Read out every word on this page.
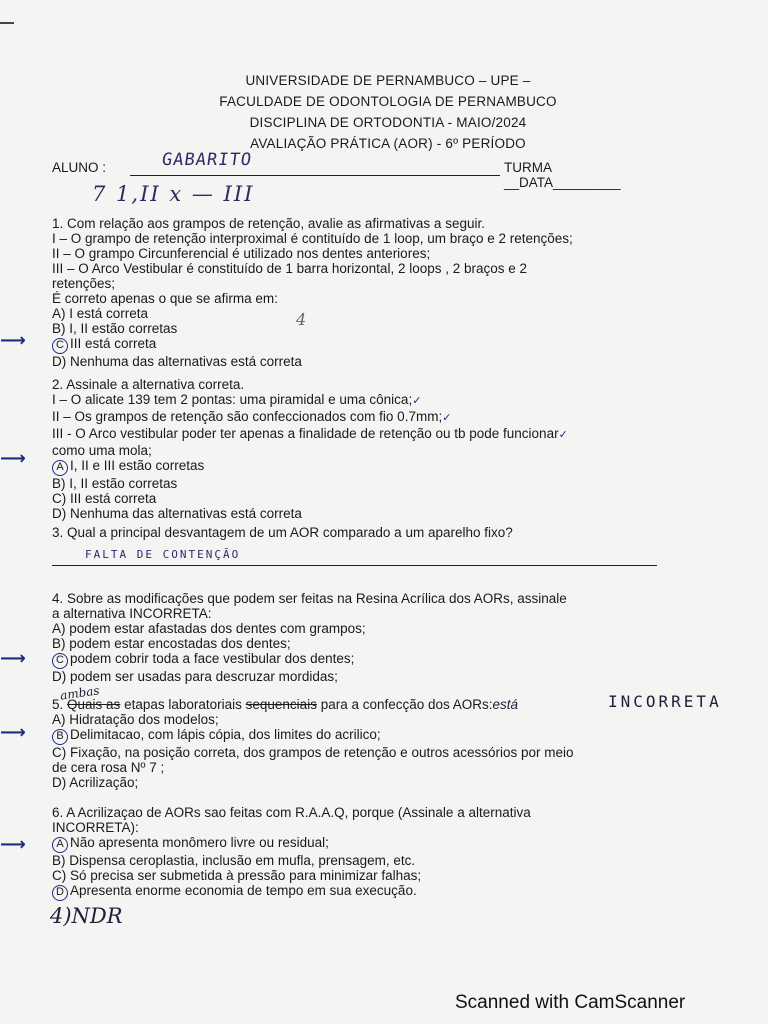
UNIVERSIDADE DE PERNAMBUCO – UPE –
FACULDADE DE ODONTOLOGIA DE PERNAMBUCO
DISCIPLINA DE ORTODONTIA - MAIO/2024
AVALIAÇÃO PRÁTICA (AOR) - 6º PERÍODO
ALUNO :	GABARITO	TURMA __DATA_________
7 1,II x — III
1. Com relação aos grampos de retenção, avalie as afirmativas a seguir.
I – O grampo de retenção interproximal é contituído de 1 loop, um braço e 2 retenções;
II – O grampo Circunferencial é utilizado nos dentes anteriores;
III – O Arco Vestibular é constituído de 1 barra horizontal, 2 loops , 2 braços e 2
retenções;
É correto apenas o que se afirma em:
A) I está correta
B) I, II estão corretas
C III está correta
D) Nenhuma das alternativas está correta
4
⟶
2. Assinale a alternativa correta.
I – O alicate 139 tem 2 pontas: uma piramidal e uma cônica;✓
II – Os grampos de retenção são confeccionados com fio 0.7mm;✓
III - O Arco vestibular poder ter apenas a finalidade de retenção ou tb pode funcionar✓
como uma mola;
A I, II e III estão corretas
B) I, II estão corretas
C) III está correta
D) Nenhuma das alternativas está correta
⟶
3. Qual a principal desvantagem de um AOR comparado a um aparelho fixo?
FALTA DE CONTENÇÃO
4. Sobre as modificações que podem ser feitas na Resina Acrílica dos AORs, assinale
a alternativa INCORRETA:
A) podem estar afastadas dos dentes com grampos;
B) podem estar encostadas dos dentes;
C podem cobrir toda a face vestibular dos dentes;
D) podem ser usadas para descruzar mordidas;
⟶
ambas
5. Quais as etapas laboratoriais sequenciais para a confecção dos AORs:está
A) Hidratação dos modelos;
B Delimitacao, com lápis cópia, dos limites do acrilico;
C) Fixação, na posição correta, dos grampos de retenção e outros acessórios por meio
de cera rosa Nº 7 ;
D) Acrilização;
INCORRETA
⟶
6. A Acrilizaçao de AORs sao feitas com R.A.A.Q, porque (Assinale a alternativa
INCORRETA):
A Não apresenta monômero livre ou residual;
B) Dispensa ceroplastia, inclusão em mufla, prensagem, etc.
C) Só precisa ser submetida à pressão para minimizar falhas;
D Apresenta enorme economia de tempo em sua execução.
⟶
4)NDR
Scanned with CamScanner
